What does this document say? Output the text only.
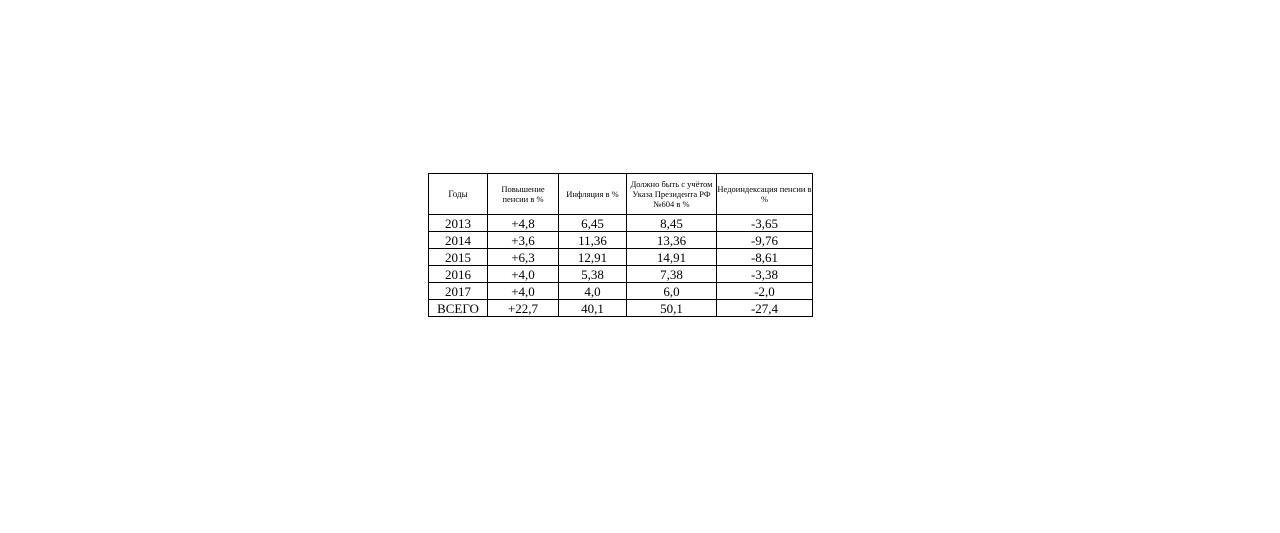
Годы	Повышение пенсии в %	Инфляция в %	Должно быть с учётом Указа Президента РФ №604 в %	Недоиндексация пенсии в %
2013	+4,8	6,45	8,45	-3,65
2014	+3,6	11,36	13,36	-9,76
2015	+6,3	12,91	14,91	-8,61
2016	+4,0	5,38	7,38	-3,38
2017	+4,0	4,0	6,0	-2,0
ВСЕГО	+22,7	40,1	50,1	-27,4
